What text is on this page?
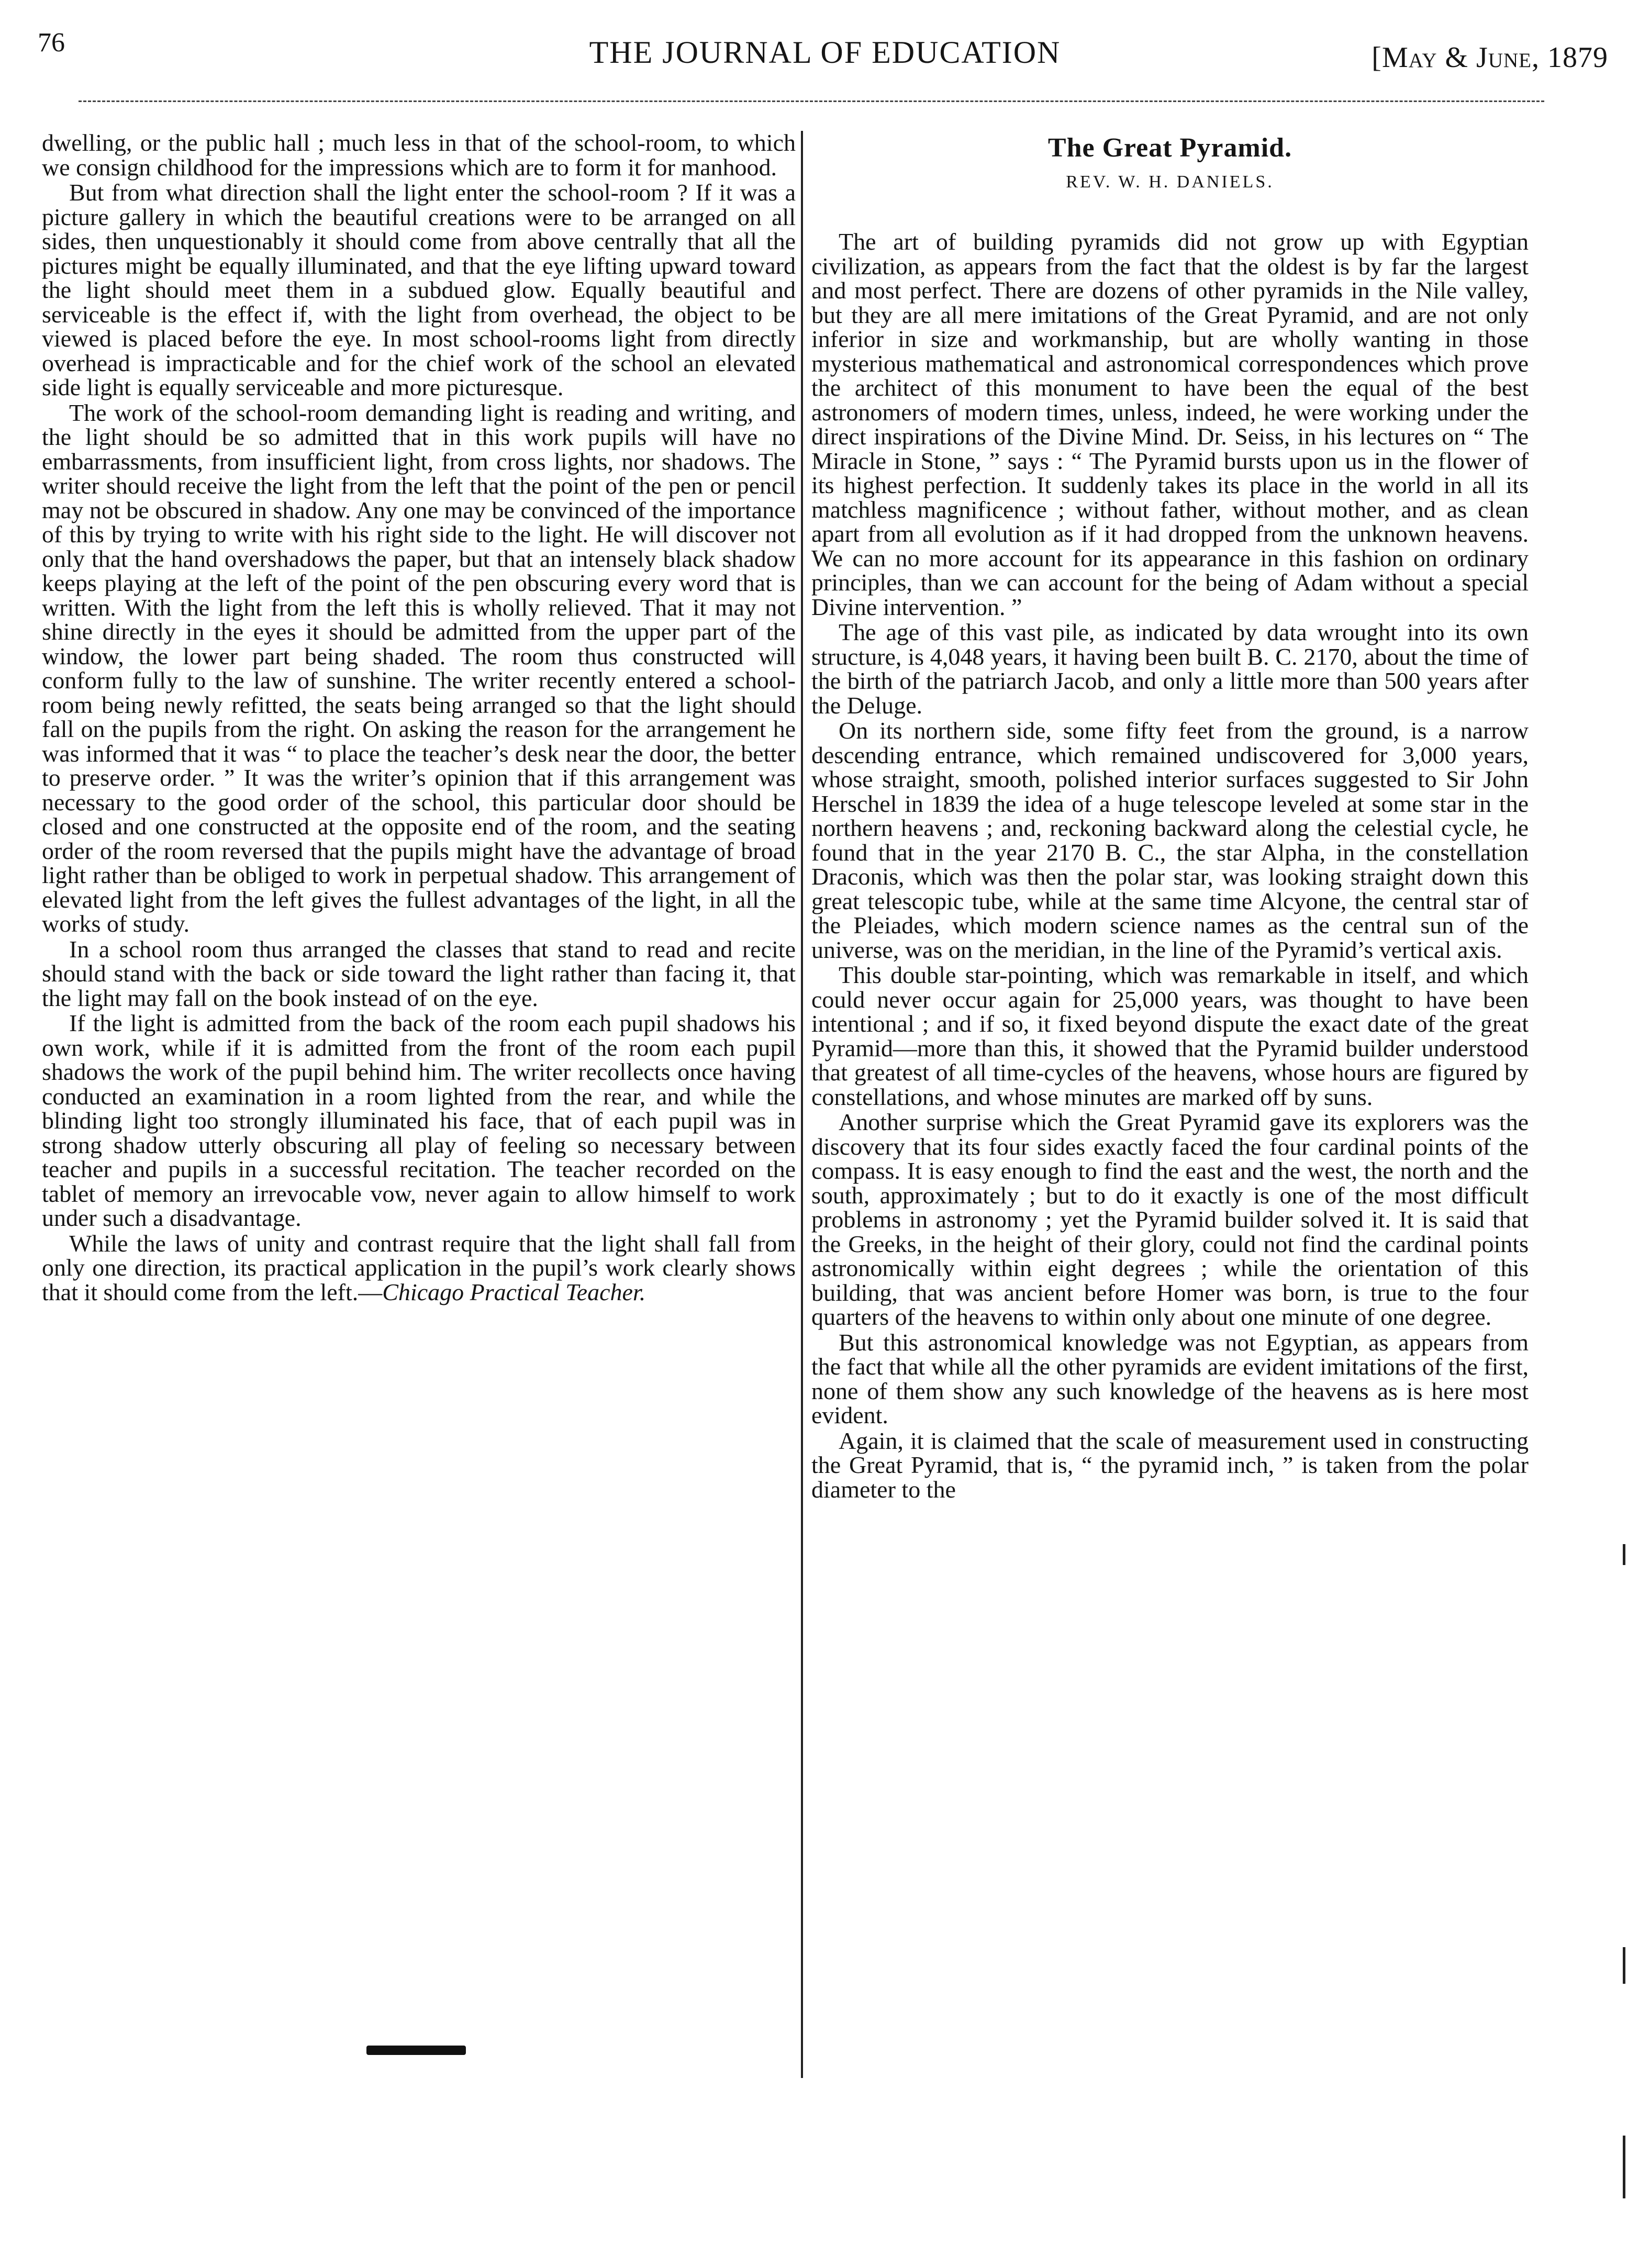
76	THE JOURNAL OF EDUCATION	[May & June, 1879

dwelling, or the public hall ; much less in that of the school-room, to which we consign childhood for the impressions which are to form it for manhood.

But from what direction shall the light enter the school-room ? If it was a picture gallery in which the beautiful creations were to be arranged on all sides, then unquestionably it should come from above centrally that all the pictures might be equally illuminated, and that the eye lifting upward toward the light should meet them in a subdued glow. Equally beautiful and serviceable is the effect if, with the light from overhead, the object to be viewed is placed before the eye. In most school-rooms light from directly overhead is impracticable and for the chief work of the school an elevated side light is equally serviceable and more picturesque.

The work of the school-room demanding light is reading and writing, and the light should be so admitted that in this work pupils will have no embarrassments, from insufficient light, from cross lights, nor shadows. The writer should receive the light from the left that the point of the pen or pencil may not be obscured in shadow. Any one may be convinced of the importance of this by trying to write with his right side to the light. He will discover not only that the hand overshadows the paper, but that an intensely black shadow keeps playing at the left of the point of the pen obscuring every word that is written. With the light from the left this is wholly relieved. That it may not shine directly in the eyes it should be admitted from the upper part of the window, the lower part being shaded. The room thus constructed will conform fully to the law of sunshine. The writer recently entered a school-room being newly refitted, the seats being arranged so that the light should fall on the pupils from the right. On asking the reason for the arrangement he was informed that it was “ to place the teacher’s desk near the door, the better to preserve order. ” It was the writer’s opinion that if this arrangement was necessary to the good order of the school, this particular door should be closed and one constructed at the opposite end of the room, and the seating order of the room reversed that the pupils might have the advantage of broad light rather than be obliged to work in perpetual shadow. This arrangement of elevated light from the left gives the fullest advantages of the light, in all the works of study.

In a school room thus arranged the classes that stand to read and recite should stand with the back or side toward the light rather than facing it, that the light may fall on the book instead of on the eye.

If the light is admitted from the back of the room each pupil shadows his own work, while if it is admitted from the front of the room each pupil shadows the work of the pupil behind him. The writer recollects once having conducted an examination in a room lighted from the rear, and while the blinding light too strongly illuminated his face, that of each pupil was in strong shadow utterly obscuring all play of feeling so necessary between teacher and pupils in a successful recitation. The teacher recorded on the tablet of memory an irrevocable vow, never again to allow himself to work under such a disadvantage.

While the laws of unity and contrast require that the light shall fall from only one direction, its practical application in the pupil’s work clearly shows that it should come from the left.—Chicago Practical Teacher.

The Great Pyramid.
REV. W. H. DANIELS.

The art of building pyramids did not grow up with Egyptian civilization, as appears from the fact that the oldest is by far the largest and most perfect. There are dozens of other pyramids in the Nile valley, but they are all mere imitations of the Great Pyramid, and are not only inferior in size and workmanship, but are wholly wanting in those mysterious mathematical and astronomical correspondences which prove the architect of this monument to have been the equal of the best astronomers of modern times, unless, indeed, he were working under the direct inspirations of the Divine Mind. Dr. Seiss, in his lectures on “ The Miracle in Stone, ” says : “ The Pyramid bursts upon us in the flower of its highest perfection. It suddenly takes its place in the world in all its matchless magnificence ; without father, without mother, and as clean apart from all evolution as if it had dropped from the unknown heavens. We can no more account for its appearance in this fashion on ordinary principles, than we can account for the being of Adam without a special Divine intervention. ”

The age of this vast pile, as indicated by data wrought into its own structure, is 4,048 years, it having been built B. C. 2170, about the time of the birth of the patriarch Jacob, and only a little more than 500 years after the Deluge.

On its northern side, some fifty feet from the ground, is a narrow descending entrance, which remained undiscovered for 3,000 years, whose straight, smooth, polished interior surfaces suggested to Sir John Herschel in 1839 the idea of a huge telescope leveled at some star in the northern heavens ; and, reckoning backward along the celestial cycle, he found that in the year 2170 B. C., the star Alpha, in the constellation Draconis, which was then the polar star, was looking straight down this great telescopic tube, while at the same time Alcyone, the central star of the Pleiades, which modern science names as the central sun of the universe, was on the meridian, in the line of the Pyramid’s vertical axis.

This double star-pointing, which was remarkable in itself, and which could never occur again for 25,000 years, was thought to have been intentional ; and if so, it fixed beyond dispute the exact date of the great Pyramid—more than this, it showed that the Pyramid builder understood that greatest of all time-cycles of the heavens, whose hours are figured by constellations, and whose minutes are marked off by suns.

Another surprise which the Great Pyramid gave its explorers was the discovery that its four sides exactly faced the four cardinal points of the compass. It is easy enough to find the east and the west, the north and the south, approximately ; but to do it exactly is one of the most difficult problems in astronomy ; yet the Pyramid builder solved it. It is said that the Greeks, in the height of their glory, could not find the cardinal points astronomically within eight degrees ; while the orientation of this building, that was ancient before Homer was born, is true to the four quarters of the heavens to within only about one minute of one degree.

But this astronomical knowledge was not Egyptian, as appears from the fact that while all the other pyramids are evident imitations of the first, none of them show any such knowledge of the heavens as is here most evident.

Again, it is claimed that the scale of measurement used in constructing the Great Pyramid, that is, “ the pyramid inch, ” is taken from the polar diameter to the
